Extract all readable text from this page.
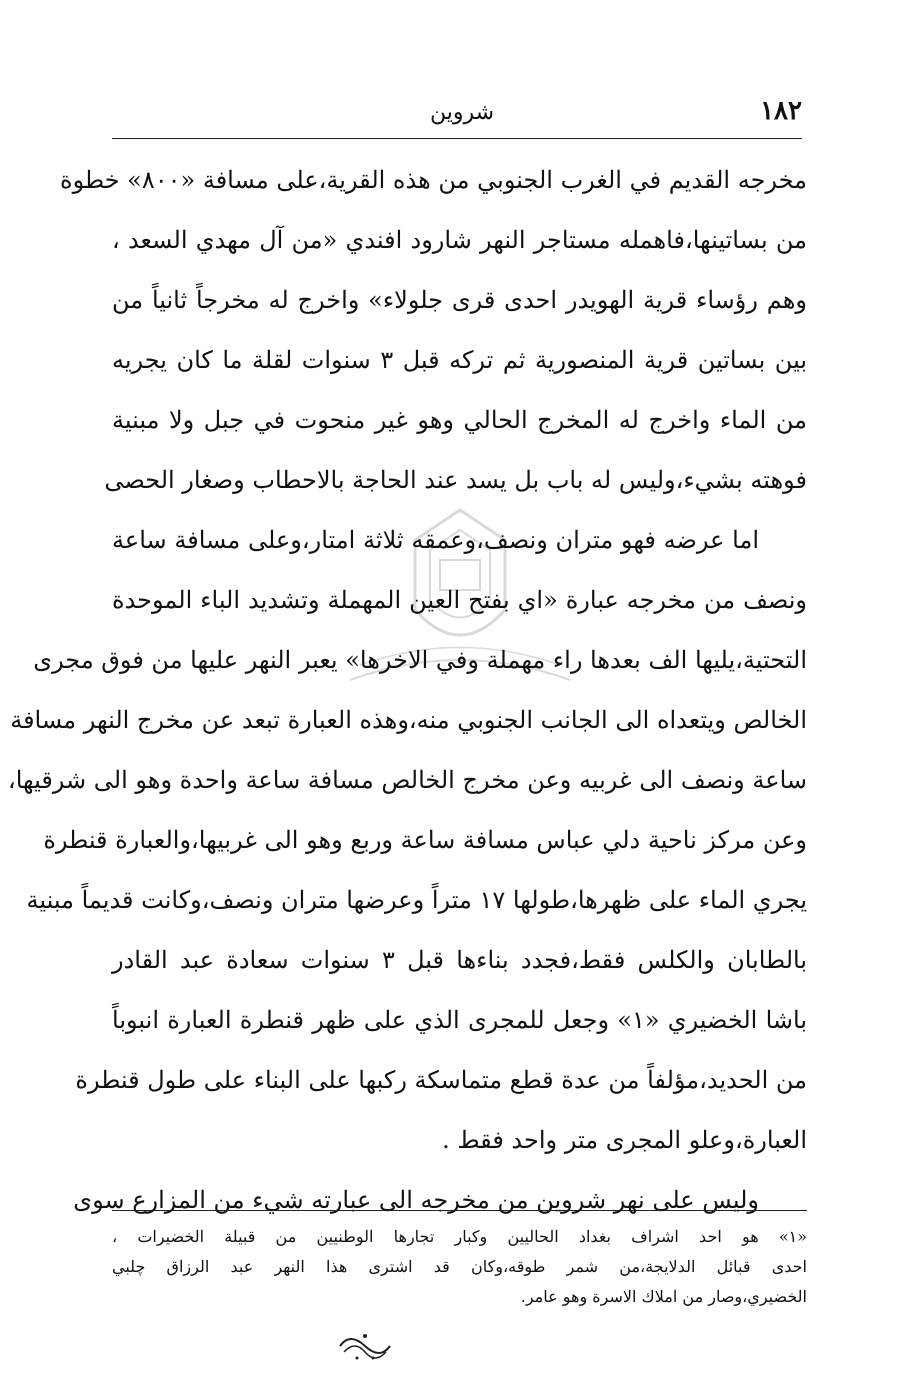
١٨٢
شروين
مخرجه القديم في الغرب الجنوبي من هذه القرية،على مسافة «٨٠٠» خطوة
من بساتينها،فاهمله مستاجر النهر شارود افندي «من آل مهدي السعد ،
وهم رؤساء قرية الهويدر احدى قرى جلولاء» واخرج له مخرجاً ثانياً من
بين بساتين قرية المنصورية ثم تركه قبل ٣ سنوات لقلة ما كان يجريه
من الماء واخرج له المخرج الحالي وهو غير منحوت في جبل ولا مبنية
فوهته بشيء،وليس له باب بل يسد عند الحاجة بالاحطاب وصغار الحصى
اما عرضه فهو متران ونصف،وعمقه ثلاثة امتار،وعلى مسافة ساعة
ونصف من مخرجه عبارة «اي بفتح العين المهملة وتشديد الباء الموحدة
التحتية،يليها الف بعدها راء مهملة وفي الاخرها» يعبر النهر عليها من فوق مجرى
الخالص ويتعداه الى الجانب الجنوبي منه،وهذه العبارة تبعد عن مخرج النهر مسافة
ساعة ونصف الى غربيه وعن مخرج الخالص مسافة ساعة واحدة وهو الى شرقيها،
وعن مركز ناحية دلي عباس مسافة ساعة وربع وهو الى غربيها،والعبارة قنطرة
يجري الماء على ظهرها،طولها ١٧ متراً وعرضها متران ونصف،وكانت قديماً مبنية
بالطابان والكلس فقط،فجدد بناءها قبل ٣ سنوات سعادة عبد القادر
باشا الخضيري «١» وجعل للمجرى الذي على ظهر قنطرة العبارة انبوباً
من الحديد،مؤلفاً من عدة قطع متماسكة ركبها على البناء على طول قنطرة
العبارة،وعلو المجرى متر واحد فقط .
وليس على نهر شروين من مخرجه الى عبارته شيء من المزارع سوى
«١» هو احد اشراف بغداد الحاليين وكبار تجارها الوطنيين من قبيلة الخضيرات ،
احدى قبائل الدلايجة،من شمر طوقه،وكان قد اشترى هذا النهر عبد الرزاق چلبي
الخضيري،وصار من املاك الاسرة وهو عامر.
